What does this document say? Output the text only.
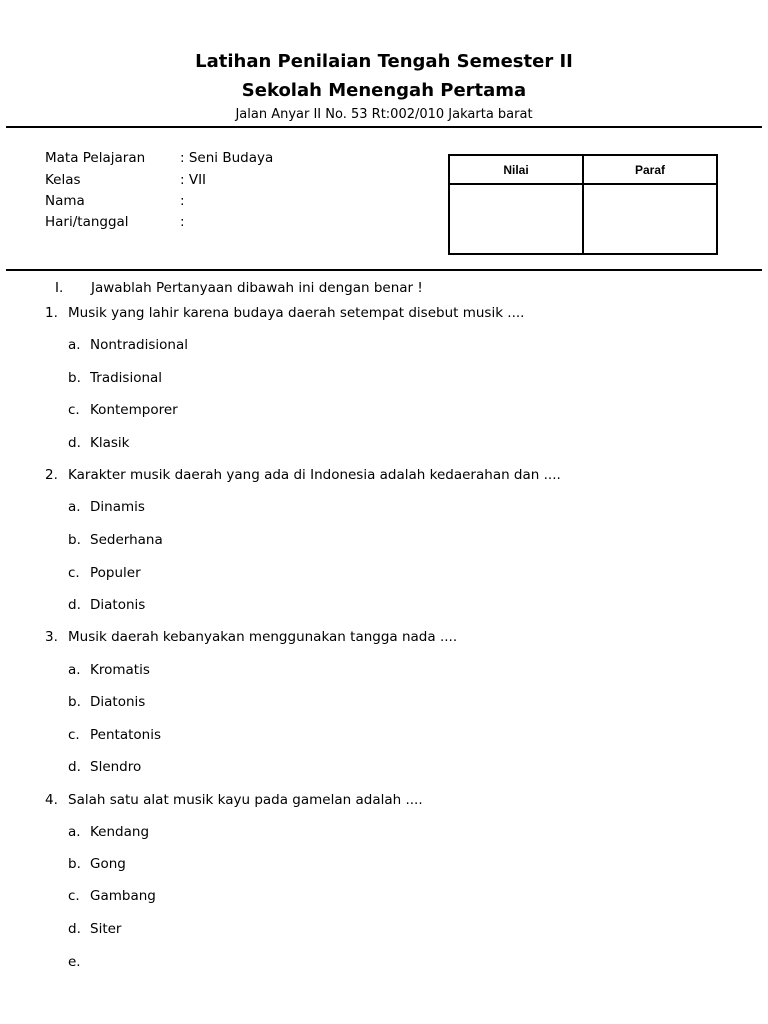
Latihan Penilaian Tengah Semester II
Sekolah Menengah Pertama
Jalan Anyar II No. 53 Rt:002/010 Jakarta barat
Mata Pelajaran	: Seni Budaya
Kelas	: VII
Nama	:
Hari/tanggal	:
Nilai	Paraf

I. Jawablah Pertanyaan dibawah ini dengan benar !
1. Musik yang lahir karena budaya daerah setempat disebut musik ....
a. Nontradisional
b. Tradisional
c. Kontemporer
d. Klasik
2. Karakter musik daerah yang ada di Indonesia adalah kedaerahan dan ....
a. Dinamis
b. Sederhana
c. Populer
d. Diatonis
3. Musik daerah kebanyakan menggunakan tangga nada ....
a. Kromatis
b. Diatonis
c. Pentatonis
d. Slendro
4. Salah satu alat musik kayu pada gamelan adalah ....
a. Kendang
b. Gong
c. Gambang
d. Siter
e.
